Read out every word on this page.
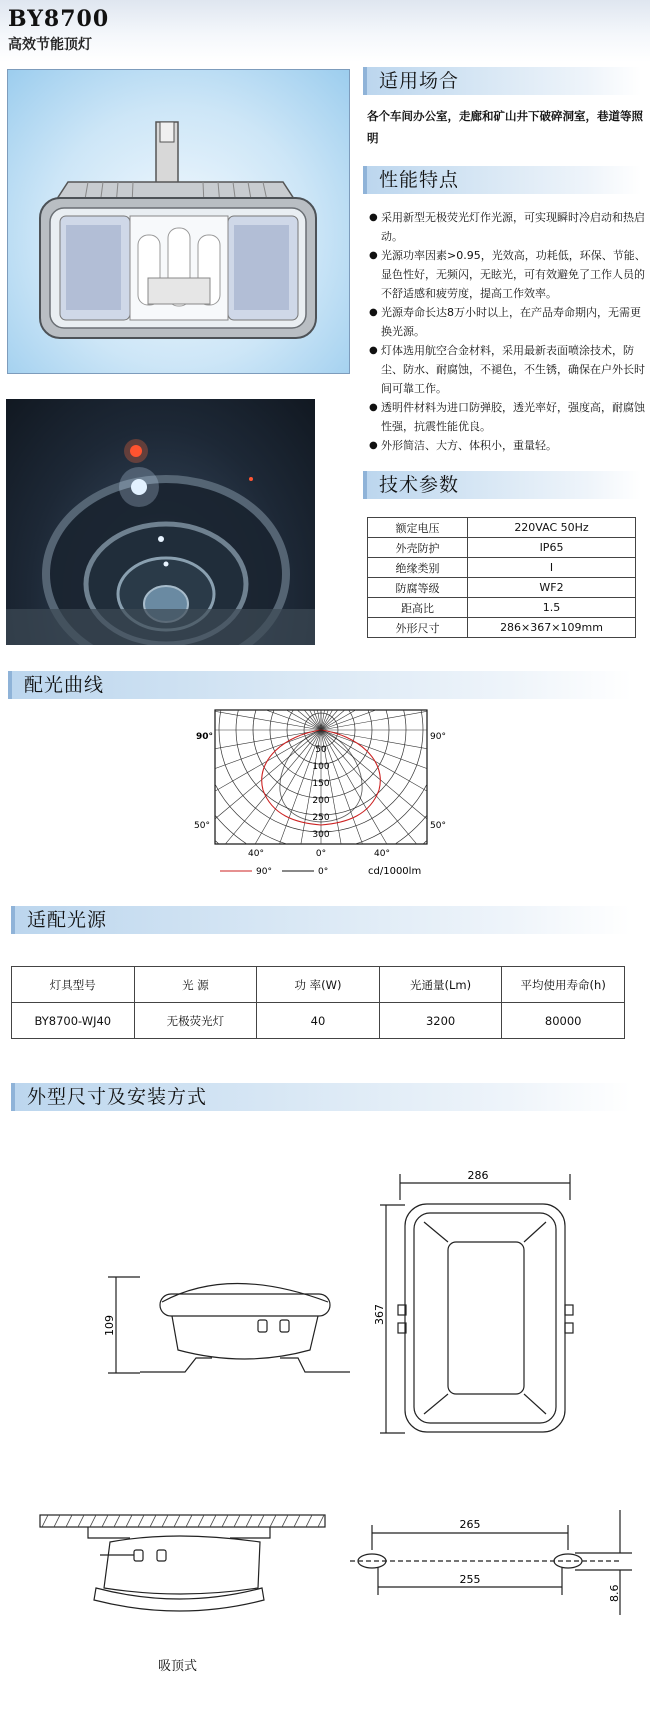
BY8700
高效节能顶灯
适用场合
各个车间办公室，走廊和矿山井下破碎洞室，巷道等照明
性能特点
● 采用新型无极荧光灯作光源，可实现瞬时冷启动和热启动。
● 光源功率因素>0.95，光效高，功耗低，环保、节能、显色性好，无频闪，无眩光，可有效避免了工作人员的不舒适感和疲劳度，提高工作效率。
● 光源寿命长达8万小时以上，在产品寿命期内，无需更换光源。
● 灯体选用航空合金材料，采用最新表面喷涂技术，防尘、防水、耐腐蚀，不褪色，不生锈，确保在户外长时间可靠工作。
● 透明件材料为进口防弹胶，透光率好，强度高，耐腐蚀性强，抗震性能优良。
● 外形简洁、大方、体积小，重量轻。
技术参数
额定电压	220VAC 50Hz
外壳防护	IP65
绝缘类别	I
防腐等级	WF2
距高比	1.5
外形尺寸	286×367×109mm
配光曲线
50
100
150
200
250
300
90°	90°
50°	50°
40°	0°	40°
90°	0°	cd/1000lm
适配光源
灯具型号	光 源	功 率(W)	光通量(Lm)	平均使用寿命(h)
BY8700-WJ40	无极荧光灯	40	3200	80000
外型尺寸及安装方式
109
286
367
265
255
8.6
吸顶式
